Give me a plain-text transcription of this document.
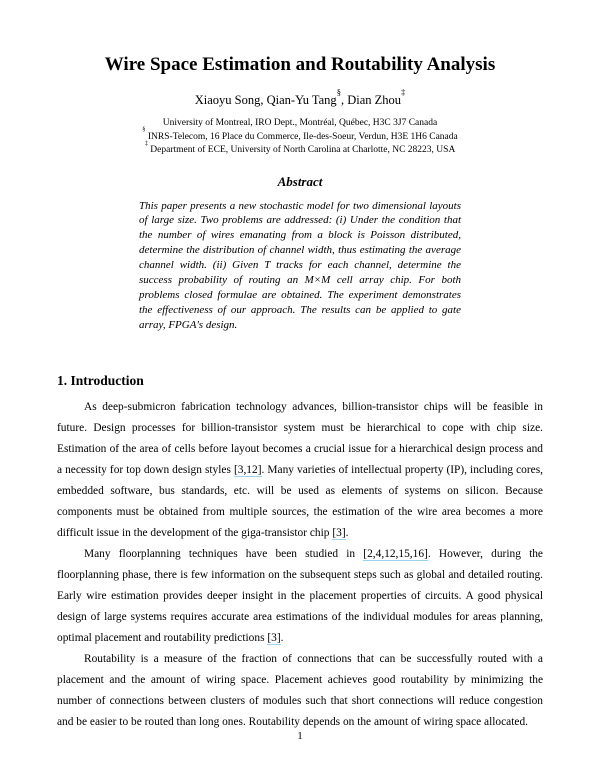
Wire Space Estimation and Routability Analysis
Xiaoyu Song, Qian-Yu Tang§, Dian Zhou‡
University of Montreal, IRO Dept., Montréal, Québec, H3C 3J7 Canada
§ INRS-Telecom, 16 Place du Commerce, Ile-des-Soeur, Verdun, H3E 1H6 Canada
‡ Department of ECE, University of North Carolina at Charlotte, NC 28223, USA
Abstract
This paper presents a new stochastic model for two dimensional layouts of large size. Two problems are addressed: (i) Under the condition that the number of wires emanating from a block is Poisson distributed, determine the distribution of channel width, thus estimating the average channel width. (ii) Given T tracks for each channel, determine the success probability of routing an M×M cell array chip. For both problems closed formulae are obtained. The experiment demonstrates the effectiveness of our approach. The results can be applied to gate array, FPGA's design.
1. Introduction

As deep-submicron fabrication technology advances, billion-transistor chips will be feasible in future. Design processes for billion-transistor system must be hierarchical to cope with chip size. Estimation of the area of cells before layout becomes a crucial issue for a hierarchical design process and a necessity for top down design styles [3,12]. Many varieties of intellectual property (IP), including cores, embedded software, bus standards, etc. will be used as elements of systems on silicon. Because components must be obtained from multiple sources, the estimation of the wire area becomes a more difficult issue in the development of the giga-transistor chip [3].

Many floorplanning techniques have been studied in [2,4,12,15,16]. However, during the floorplanning phase, there is few information on the subsequent steps such as global and detailed routing. Early wire estimation provides deeper insight in the placement properties of circuits. A good physical design of large systems requires accurate area estimations of the individual modules for areas planning, optimal placement and routability predictions [3].

Routability is a measure of the fraction of connections that can be successfully routed with a placement and the amount of wiring space. Placement achieves good routability by minimizing the number of connections between clusters of modules such that short connections will reduce congestion and be easier to be routed than long ones. Routability depends on the amount of wiring space allocated.

1
